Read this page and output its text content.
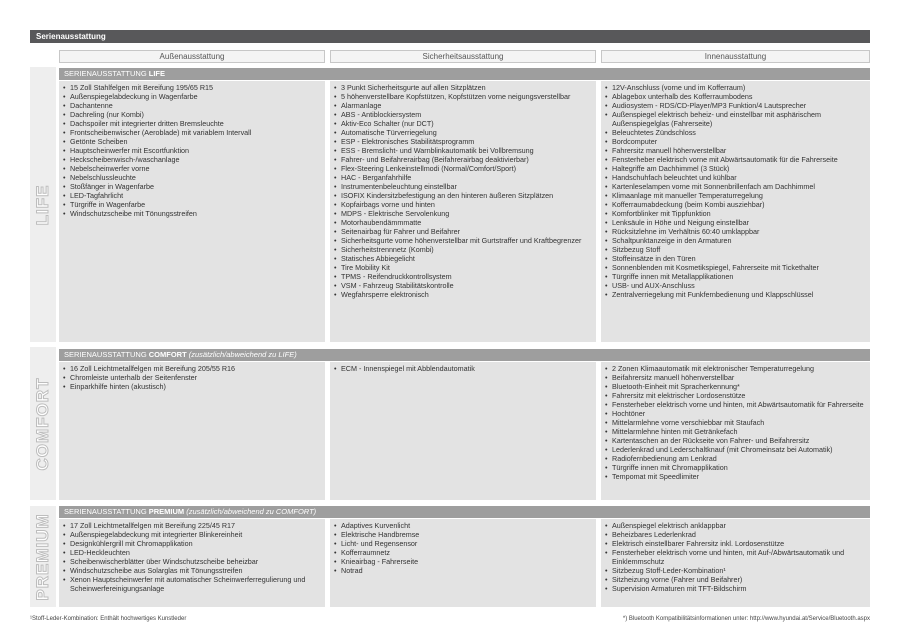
Serienausstattung
Außenausstattung	Sicherheitsausstattung	Innenausstattung
LIFE
SERIENAUSSTATTUNG LIFE
• 15 Zoll Stahlfelgen mit Bereifung 195/65 R15
• Außenspiegelabdeckung in Wagenfarbe
• Dachantenne
• Dachreling (nur Kombi)
• Dachspoiler mit integrierter dritten Bremsleuchte
• Frontscheibenwischer (Aeroblade) mit variablem Intervall
• Getönte Scheiben
• Hauptscheinwerfer mit Escortfunktion
• Heckscheibenwisch-/waschanlage
• Nebelscheinwerfer vorne
• Nebelschlussleuchte
• Stoßfänger in Wagenfarbe
• LED-Tagfahrlicht
• Türgriffe in Wagenfarbe
• Windschutzscheibe mit Tönungsstreifen
• 3 Punkt Sicherheitsgurte auf allen Sitzplätzen
• 5 höhenverstellbare Kopfstützen, Kopfstützen vorne neigungsverstellbar
• Alarmanlage
• ABS - Antiblockiersystem
• Aktiv-Eco Schalter (nur DCT)
• Automatische Türverriegelung
• ESP - Elektronisches Stabilitätsprogramm
• ESS - Bremslicht- und Warnblinkautomatik bei Vollbremsung
• Fahrer- und Beifahrerairbag (Beifahrerairbag deaktivierbar)
• Flex-Steering Lenkeinstellmodi (Normal/Comfort/Sport)
• HAC - Berganfahrhilfe
• Instrumentenbeleuchtung einstellbar
• ISOFIX Kindersitzbefestigung an den hinteren äußeren Sitzplätzen
• Kopfairbags vorne und hinten
• MDPS - Elektrische Servolenkung
• Motorhaubendämmmatte
• Seitenairbag für Fahrer und Beifahrer
• Sicherheitsgurte vorne höhenverstellbar mit Gurtstraffer und Kraftbegrenzer
• Sicherheitstrennnetz (Kombi)
• Statisches Abbiegelicht
• Tire Mobility Kit
• TPMS - Reifendruckkontrollsystem
• VSM - Fahrzeug Stabilitätskontrolle
• Wegfahrsperre elektronisch
• 12V-Anschluss (vorne und im Kofferraum)
• Ablagebox unterhalb des Kofferraumbodens
• Audiosystem - RDS/CD-Player/MP3 Funktion/4 Lautsprecher
• Außenspiegel elektrisch beheiz- und einstellbar mit asphärischem Außenspiegelglas (Fahrerseite)
• Beleuchtetes Zündschloss
• Bordcomputer
• Fahrersitz manuell höhenverstellbar
• Fensterheber elektrisch vorne mit Abwärtsautomatik für die Fahrerseite
• Haltegriffe am Dachhimmel (3 Stück)
• Handschuhfach beleuchtet und kühlbar
• Kartenleselampen vorne mit Sonnenbrillenfach am Dachhimmel
• Klimaanlage mit manueller Temperaturregelung
• Kofferraumabdeckung (beim Kombi ausziehbar)
• Komfortblinker mit Tippfunktion
• Lenksäule in Höhe und Neigung einstellbar
• Rücksitzlehne im Verhältnis 60:40 umklappbar
• Schaltpunktanzeige in den Armaturen
• Sitzbezug Stoff
• Stoffeinsätze in den Türen
• Sonnenblenden mit Kosmetikspiegel, Fahrerseite mit Tickethalter
• Türgriffe innen mit Metallapplikationen
• USB- und AUX-Anschluss
• Zentralverriegelung mit Funkfernbedienung und Klappschlüssel
COMFORT
SERIENAUSSTATTUNG COMFORT (zusätzlich/abweichend zu LIFE)
• 16 Zoll Leichtmetallfelgen mit Bereifung 205/55 R16
• Chromleiste unterhalb der Seitenfenster
• Einparkhilfe hinten (akustisch)
• ECM - Innenspiegel mit Abblendautomatik
•	2 Zonen Klimaautomatik mit elektronischer Temperaturregelung
• Beifahrersitz manuell höhenverstellbar
• Bluetooth-Einheit mit Spracherkennung*
• Fahrersitz mit elektrischer Lordosenstütze
• Fensterheber elektrisch vorne und hinten, mit Abwärtsautomatik für Fahrerseite
• Hochtöner
• Mittelarmlehne vorne verschiebbar mit Staufach
• Mittelarmlehne hinten mit Getränkefach
• Kartentaschen an der Rückseite von Fahrer- und Beifahrersitz
• Lederlenkrad und Lederschaltknauf (mit Chromeinsatz bei Automatik)
• Radiofernbedienung am Lenkrad
• Türgriffe innen mit Chromapplikation
• Tempomat mit Speedlimiter
PREMIUM
SERIENAUSSTATTUNG PREMIUM (zusätzlich/abweichend zu COMFORT)
• 17 Zoll Leichtmetallfelgen mit Bereifung 225/45 R17
• Außenspiegelabdeckung mit integrierter Blinkereinheit
• Designkühlergrill mit Chromapplikation
• LED-Heckleuchten
• Scheibenwischerblätter über Windschutzscheibe beheizbar
• Windschutzscheibe aus Solarglas mit Tönungsstreifen
• Xenon Hauptscheinwerfer mit automatischer Scheinwerferregulierung und Scheinwerfereinigungsanlage
• Adaptives Kurvenlicht
• Elektrische Handbremse
• Licht- und Regensensor
• Kofferraumnetz
• Knieairbag - Fahrerseite
• Notrad
• Außenspiegel elektrisch anklappbar
• Beheizbares Lederlenkrad
• Elektrisch einstellbarer Fahrersitz inkl. Lordosenstütze
• Fensterheber elektrisch vorne und hinten, mit Auf-/Abwärtsautomatik und Einklemmschutz
• Sitzbezug Stoff-Leder-Kombination¹
• Sitzheizung vorne (Fahrer und Beifahrer)
• Supervision Armaturen mit TFT-Bildschirm
¹Stoff-Leder-Kombination: Enthält hochwertiges Kunstleder	*) Bluetooth Kompatibilitätsinformationen unter: http://www.hyundai.at/Service/Bluetooth.aspx
